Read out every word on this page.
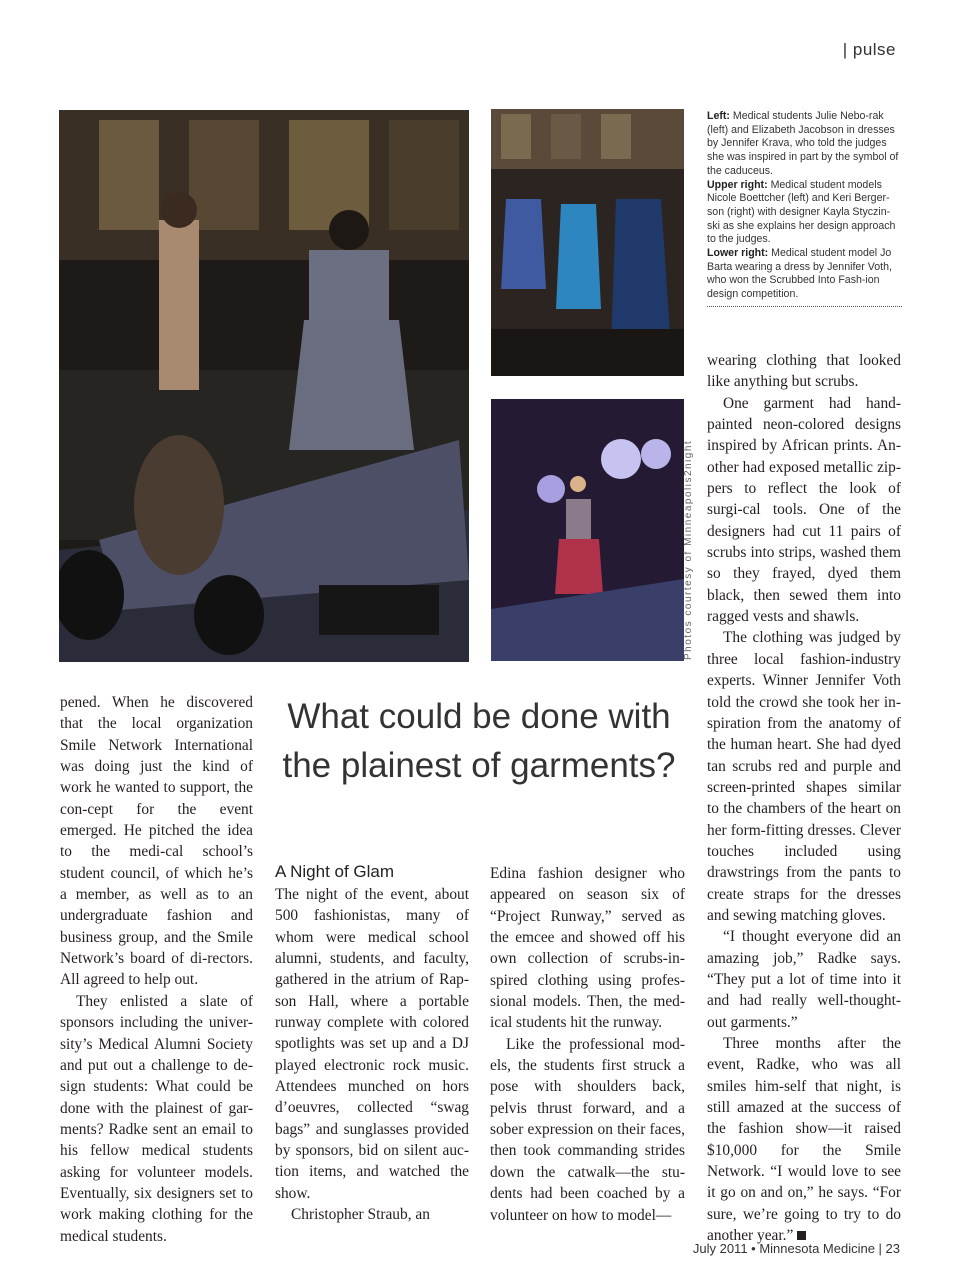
| pulse
Photos courtesy of Minneapolis2night

Left: Medical students Julie Nebo-rak (left) and Elizabeth Jacobson in dresses by Jennifer Krava, who told the judges she was inspired in part by the symbol of the caduceus.

Upper right: Medical student models Nicole Boettcher (left) and Keri Berger-son (right) with designer Kayla Styczin-ski as she explains her design approach to the judges.

Lower right: Medical student model Jo Barta wearing a dress by Jennifer Voth, who won the Scrubbed Into Fash-ion design competition.

What could be done with the plainest of garments?
A Night of Glam

pened. When he discovered that the local organization Smile Network International was doing just the kind of work he wanted to support, the con-cept for the event emerged. He pitched the idea to the medi-cal school’s student council, of which he’s a member, as well as to an undergraduate fashion and business group, and the Smile Network’s board of di-rectors. All agreed to help out.

They enlisted a slate of sponsors including the univer-sity’s Medical Alumni Society and put out a challenge to de-sign students: What could be done with the plainest of gar-ments? Radke sent an email to his fellow medical students asking for volunteer models. Eventually, six designers set to work making clothing for the medical students.

The night of the event, about 500 fashionistas, many of whom were medical school alumni, students, and faculty, gathered in the atrium of Rap-son Hall, where a portable runway complete with colored spotlights was set up and a DJ played electronic rock music. Attendees munched on hors d’oeuvres, collected “swag bags” and sunglasses provided by sponsors, bid on silent auc-tion items, and watched the show.

Christopher Straub, an

Edina fashion designer who appeared on season six of “Project Runway,” served as the emcee and showed off his own collection of scrubs-in-spired clothing using profes-sional models. Then, the med-ical students hit the runway.

Like the professional mod-els, the students first struck a pose with shoulders back, pelvis thrust forward, and a sober expression on their faces, then took commanding strides down the catwalk—the stu-dents had been coached by a volunteer on how to model—

wearing clothing that looked like anything but scrubs.

One garment had hand-painted neon-colored designs inspired by African prints. An-other had exposed metallic zip-pers to reflect the look of surgi-cal tools. One of the designers had cut 11 pairs of scrubs into strips, washed them so they frayed, dyed them black, then sewed them into ragged vests and shawls.

The clothing was judged by three local fashion-industry experts. Winner Jennifer Voth told the crowd she took her in-spiration from the anatomy of the human heart. She had dyed tan scrubs red and purple and screen-printed shapes similar to the chambers of the heart on her form-fitting dresses. Clever touches included using drawstrings from the pants to create straps for the dresses and sewing matching gloves.

“I thought everyone did an amazing job,” Radke says. “They put a lot of time into it and had really well-thought-out garments.”

Three months after the event, Radke, who was all smiles him-self that night, is still amazed at the success of the fashion show—it raised $10,000 for the Smile Network. “I would love to see it go on and on,” he says. “For sure, we’re going to try to do another year.”

July 2011 • Minnesota Medicine | 23
